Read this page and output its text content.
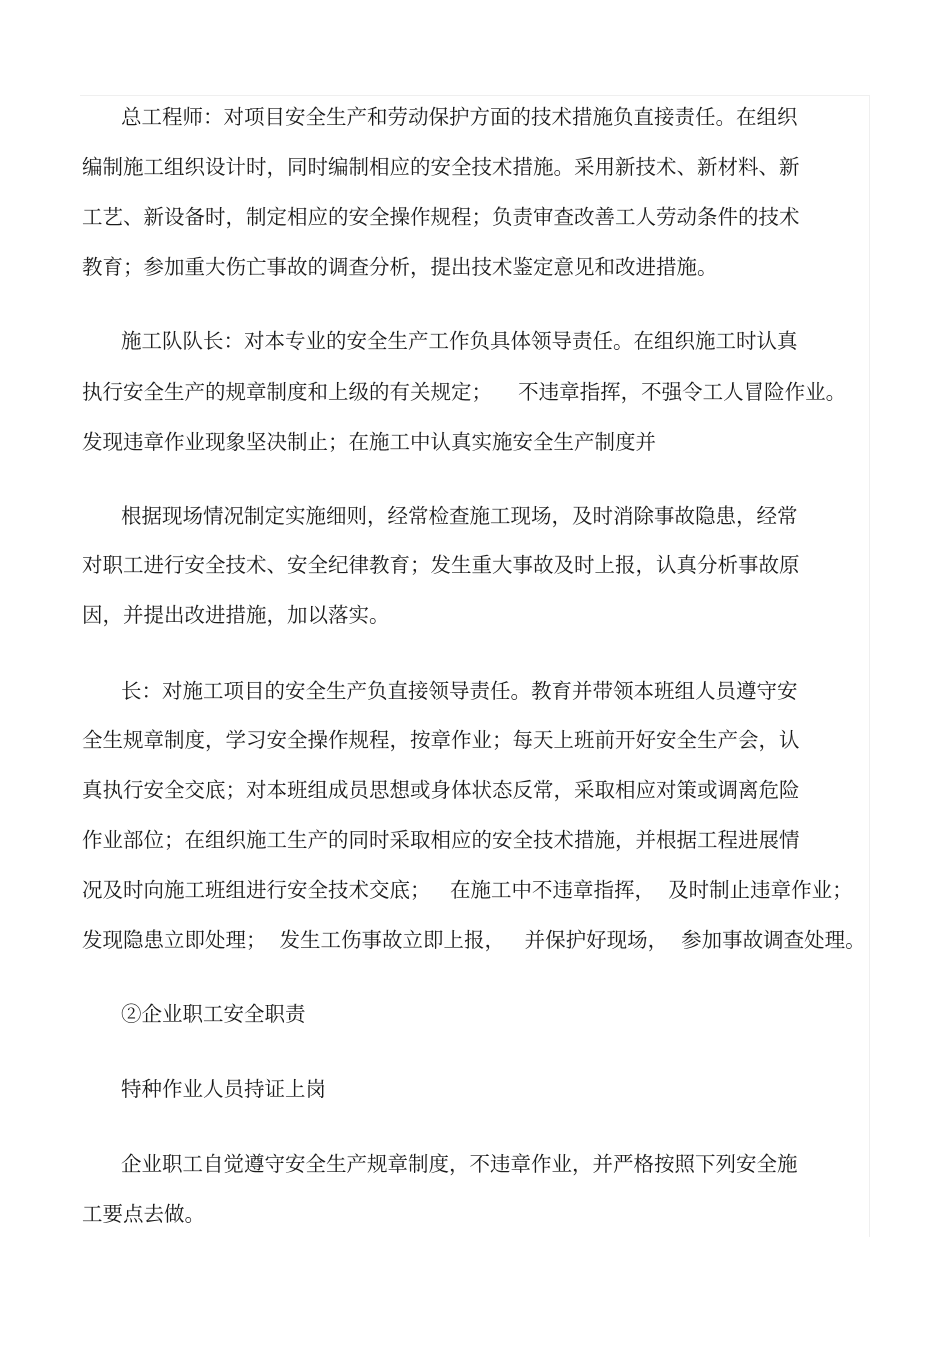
总工程师：对项目安全生产和劳动保护方面的技术措施负直接责任。在组织
编制施工组织设计时，同时编制相应的安全技术措施。采用新技术、新材料、新
工艺、新设备时，制定相应的安全操作规程；负责审查改善工人劳动条件的技术
教育；参加重大伤亡事故的调查分析，提出技术鉴定意见和改进措施。
施工队队长：对本专业的安全生产工作负具体领导责任。在组织施工时认真
执行安全生产的规章制度和上级的有关规定；    不违章指挥，不强令工人冒险作业。
发现违章作业现象坚决制止；在施工中认真实施安全生产制度并
根据现场情况制定实施细则，经常检查施工现场，及时消除事故隐患，经常
对职工进行安全技术、安全纪律教育；发生重大事故及时上报，认真分析事故原
因，并提出改进措施，加以落实。
长：对施工项目的安全生产负直接领导责任。教育并带领本班组人员遵守安
全生规章制度，学习安全操作规程，按章作业；每天上班前开好安全生产会，认
真执行安全交底；对本班组成员思想或身体状态反常，采取相应对策或调离危险
作业部位；在组织施工生产的同时采取相应的安全技术措施，并根据工程进展情
况及时向施工班组进行安全技术交底；   在施工中不违章指挥，  及时制止违章作业；
发现隐患立即处理；  发生工伤事故立即上报，   并保护好现场，  参加事故调查处理。
②企业职工安全职责
特种作业人员持证上岗
企业职工自觉遵守安全生产规章制度，不违章作业，并严格按照下列安全施
工要点去做。
